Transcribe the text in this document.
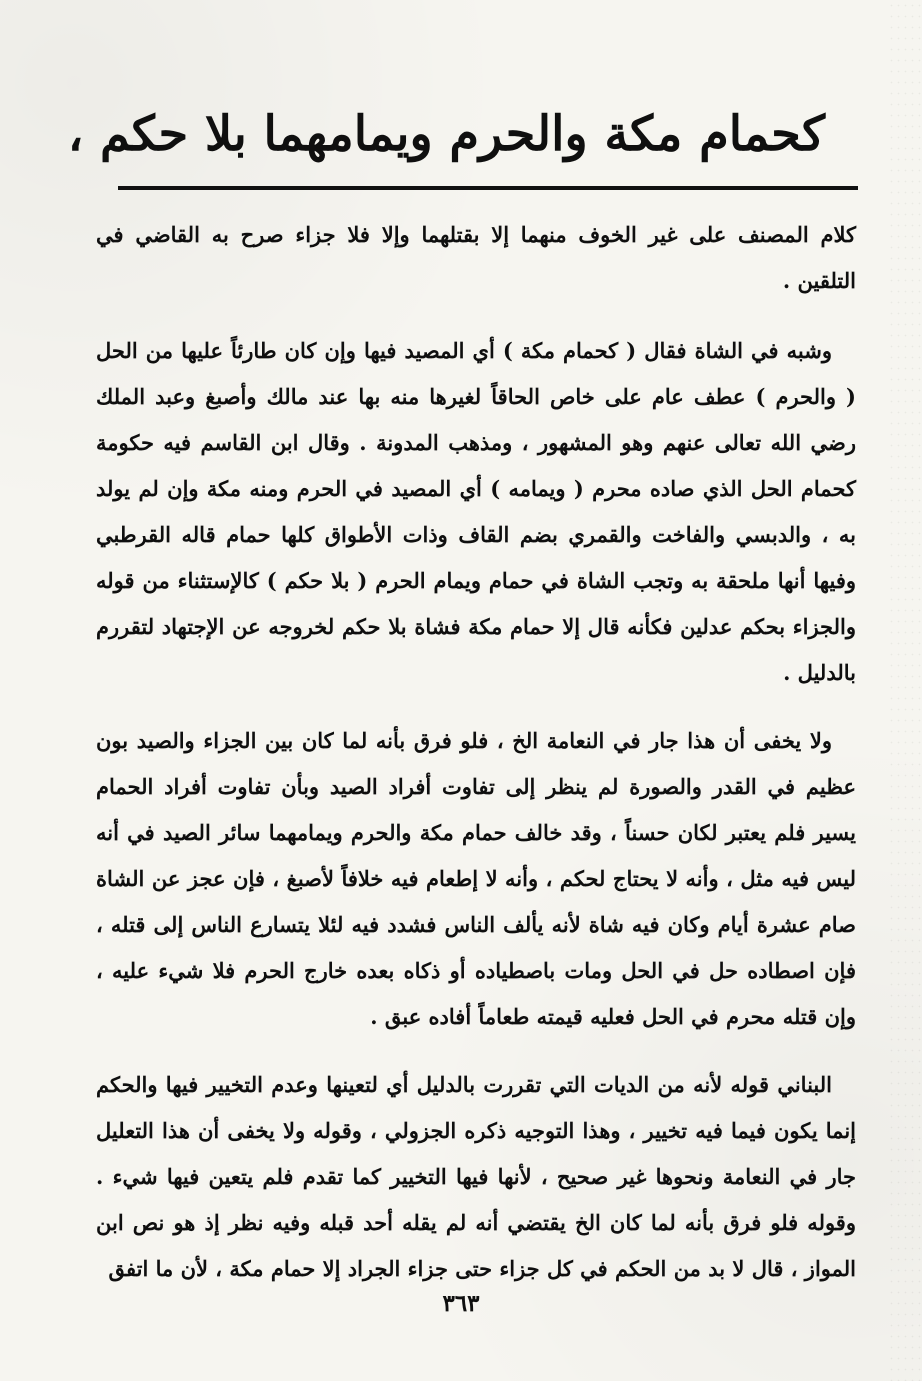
كحمام مكة والحرم ويمامهما بلا حكم ،

كلام المصنف على غير الخوف منهما إلا بقتلهما وإلا فلا جزاء صرح به القاضي في التلقين .

وشبه في الشاة فقال ( كحمام مكة ) أي المصيد فيها وإن كان طارئاً عليها من الحل ( والحرم ) عطف عام على خاص الحاقاً لغيرها منه بها عند مالك وأصبغ وعبد الملك رضي الله تعالى عنهم وهو المشهور ، ومذهب المدونة . وقال ابن القاسم فيه حكومة كحمام الحل الذي صاده محرم ( ويمامه ) أي المصيد في الحرم ومنه مكة وإن لم يولد به ، والدبسي والفاخت والقمري بضم القاف وذات الأطواق كلها حمام قاله القرطبي وفيها أنها ملحقة به وتجب الشاة في حمام ويمام الحرم ( بلا حكم ) كالإستثناء من قوله والجزاء بحكم عدلين فكأنه قال إلا حمام مكة فشاة بلا حكم لخروجه عن الإجتهاد لتقررم بالدليل .

ولا يخفى أن هذا جار في النعامة الخ ، فلو فرق بأنه لما كان بين الجزاء والصيد بون عظيم في القدر والصورة لم ينظر إلى تفاوت أفراد الصيد وبأن تفاوت أفراد الحمام يسير فلم يعتبر لكان حسناً ، وقد خالف حمام مكة والحرم ويمامهما سائر الصيد في أنه ليس فيه مثل ، وأنه لا يحتاج لحكم ، وأنه لا إطعام فيه خلافاً لأصبغ ، فإن عجز عن الشاة صام عشرة أيام وكان فيه شاة لأنه يألف الناس فشدد فيه لئلا يتسارع الناس إلى قتله ، فإن اصطاده حل في الحل ومات باصطياده أو ذكاه بعده خارج الحرم فلا شيء عليه ، وإن قتله محرم في الحل فعليه قيمته طعاماً أفاده عبق .

البناني قوله لأنه من الديات التي تقررت بالدليل أي لتعينها وعدم التخيير فيها والحكم إنما يكون فيما فيه تخيير ، وهذا التوجيه ذكره الجزولي ، وقوله ولا يخفى أن هذا التعليل جار في النعامة ونحوها غير صحيح ، لأنها فيها التخيير كما تقدم فلم يتعين فيها شيء . وقوله فلو فرق بأنه لما كان الخ يقتضي أنه لم يقله أحد قبله وفيه نظر إذ هو نص ابن المواز ، قال لا بد من الحكم في كل جزاء حتى جزاء الجراد إلا حمام مكة ، لأن ما اتفق

٣٦٣
